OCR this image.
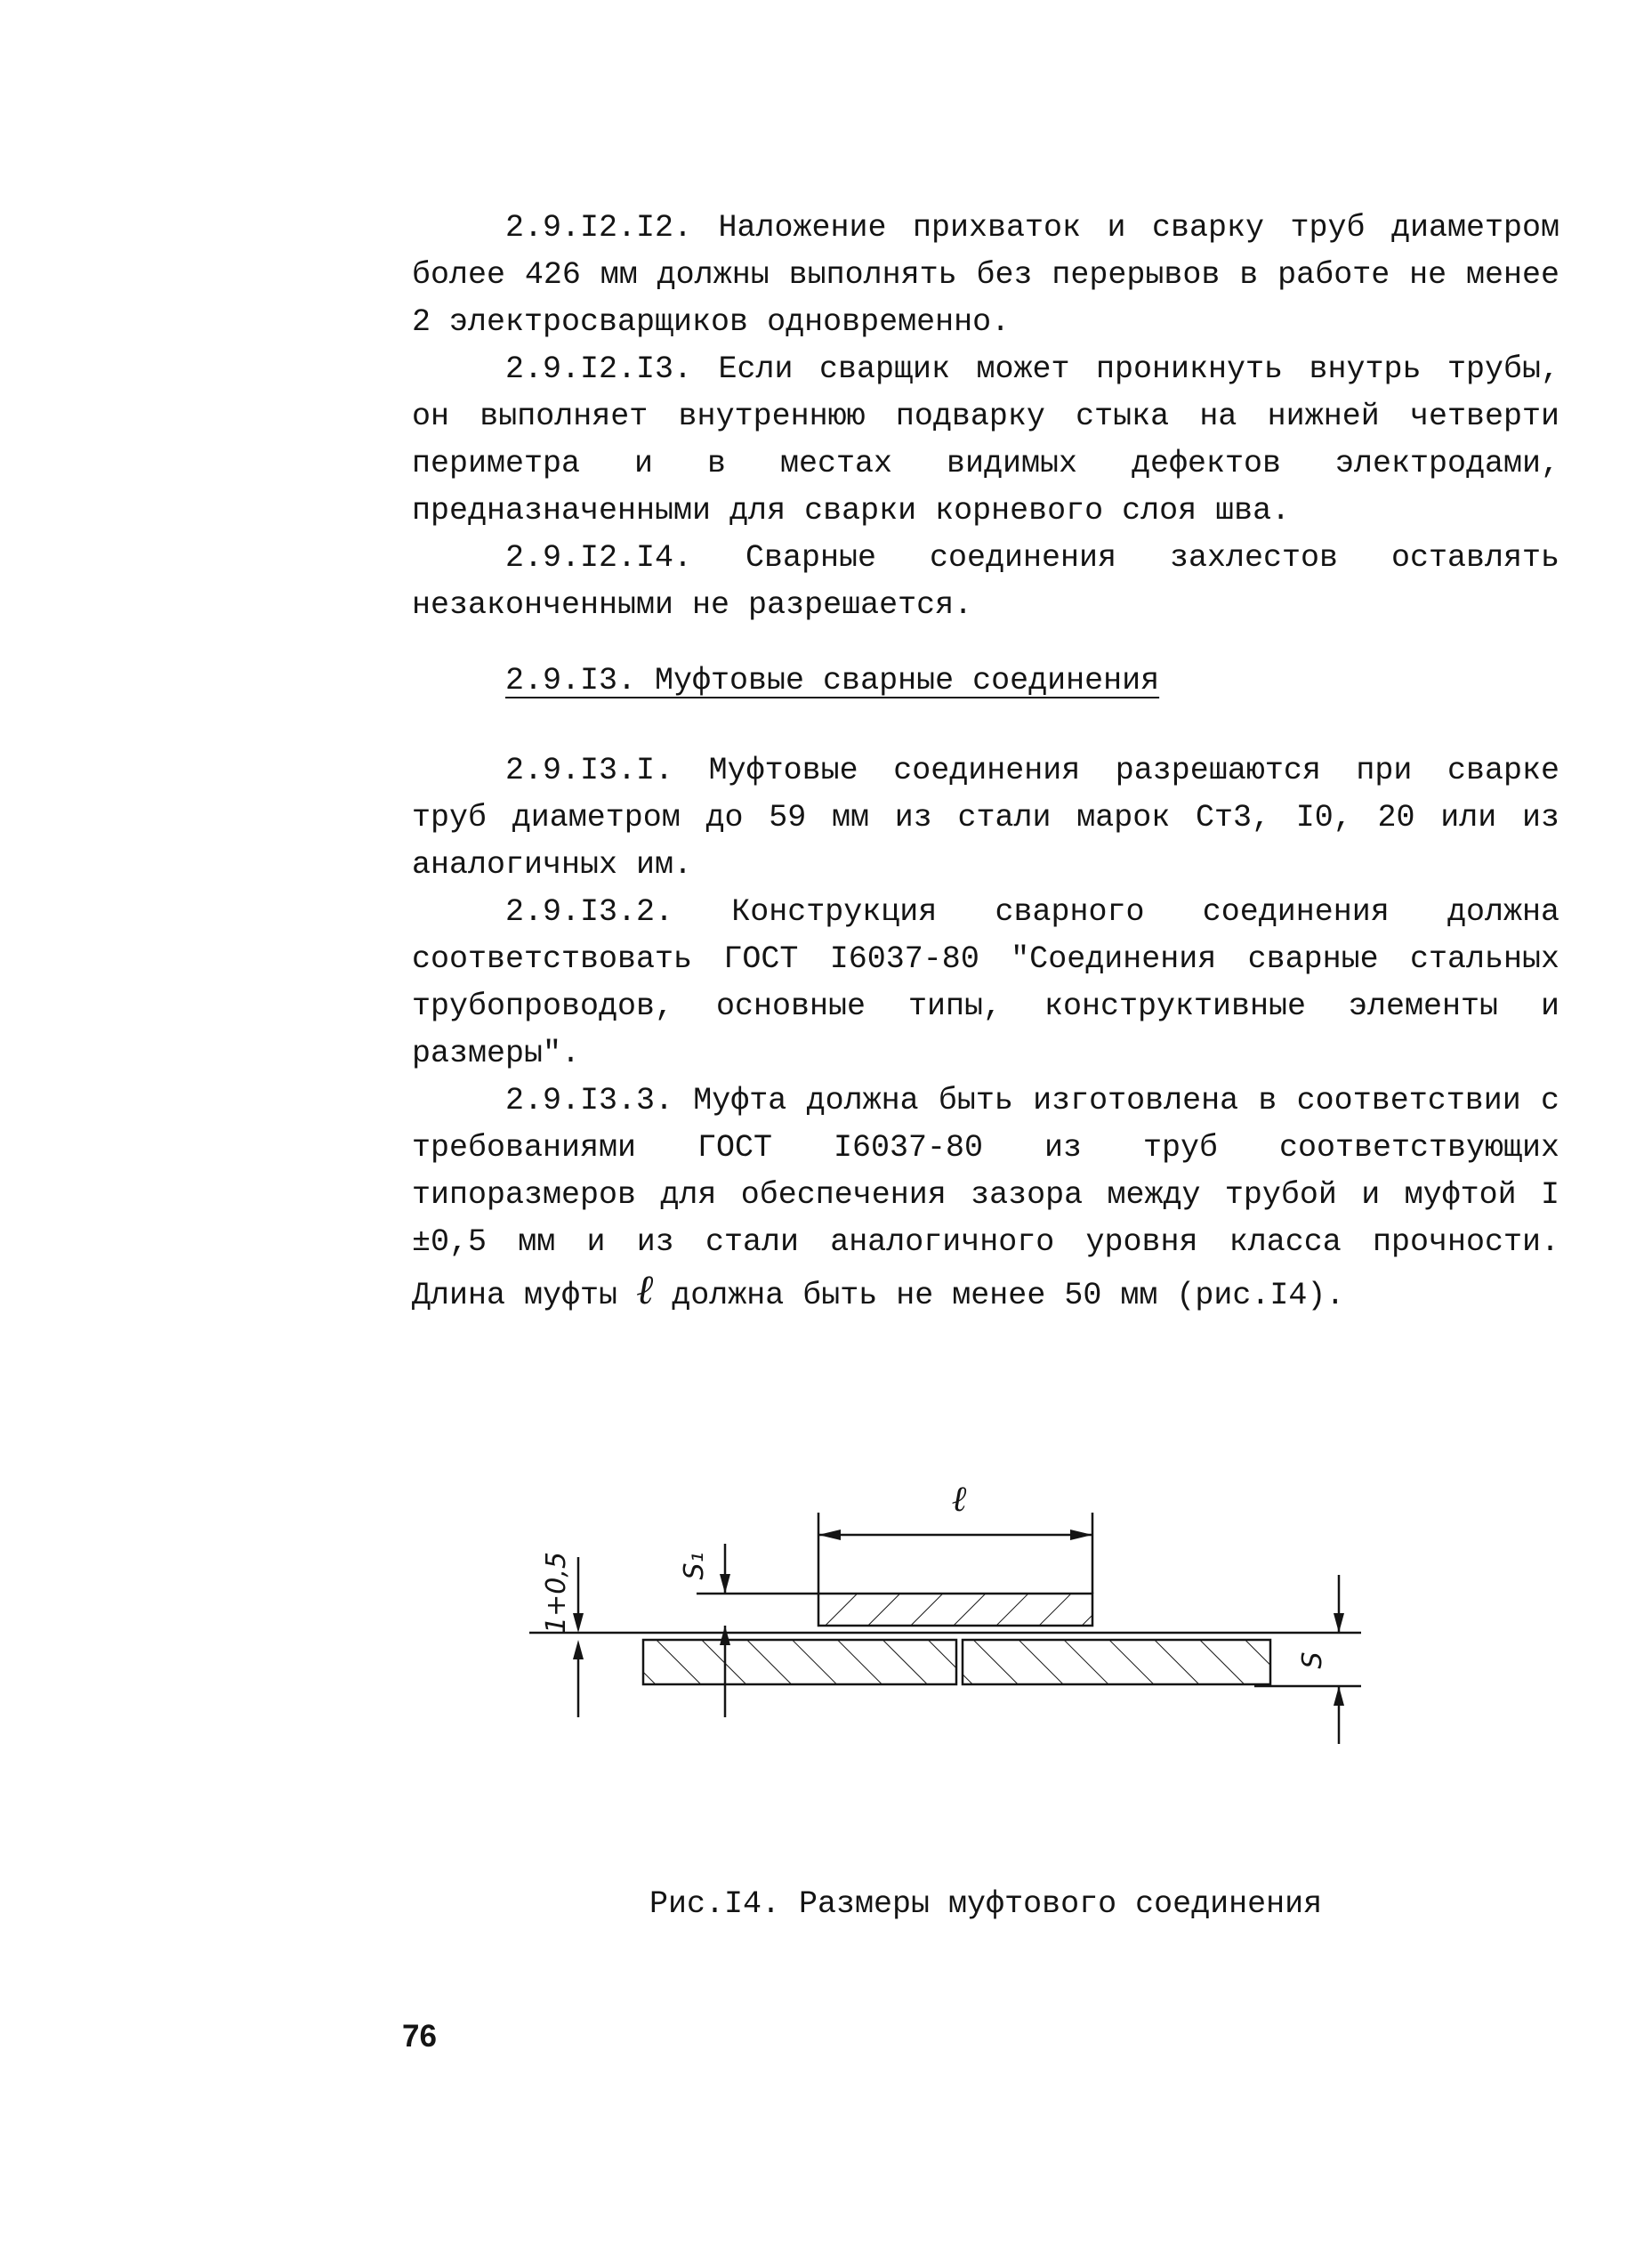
2.9.I2.I2. Наложение прихваток и сварку труб диаметром более 426 мм должны выполнять без перерывов в работе не менее 2 электросварщиков одновременно.

2.9.I2.I3. Если сварщик может проникнуть внутрь трубы, он выполняет внутреннюю подварку стыка на нижней четверти периметра и в местах видимых дефектов электродами, предназначенными для сварки корневого слоя шва.

2.9.I2.I4. Сварные соединения захлестов оставлять незаконченными не разрешается.

2.9.I3. Муфтовые сварные соединения

2.9.I3.I. Муфтовые соединения разрешаются при сварке труб диаметром до 59 мм из стали марок Ст3, I0, 20 или из аналогичных им.

2.9.I3.2. Конструкция сварного соединения должна соответствовать ГОСТ I6037-80 "Соединения сварные стальных трубопроводов, основные типы, конструктивные элементы и размеры".

2.9.I3.3. Муфта должна быть изготовлена в соответствии с требованиями ГОСТ I6037-80 из труб соответствующих типоразмеров для обеспечения зазора между трубой и муфтой I ±0,5 мм и из стали аналогичного уровня класса прочности. Длина муфты ℓ должна быть не менее 50 мм (рис.I4).

ℓ
1+0,5	S₁
S
Рис.I4. Размеры муфтового соединения
76
